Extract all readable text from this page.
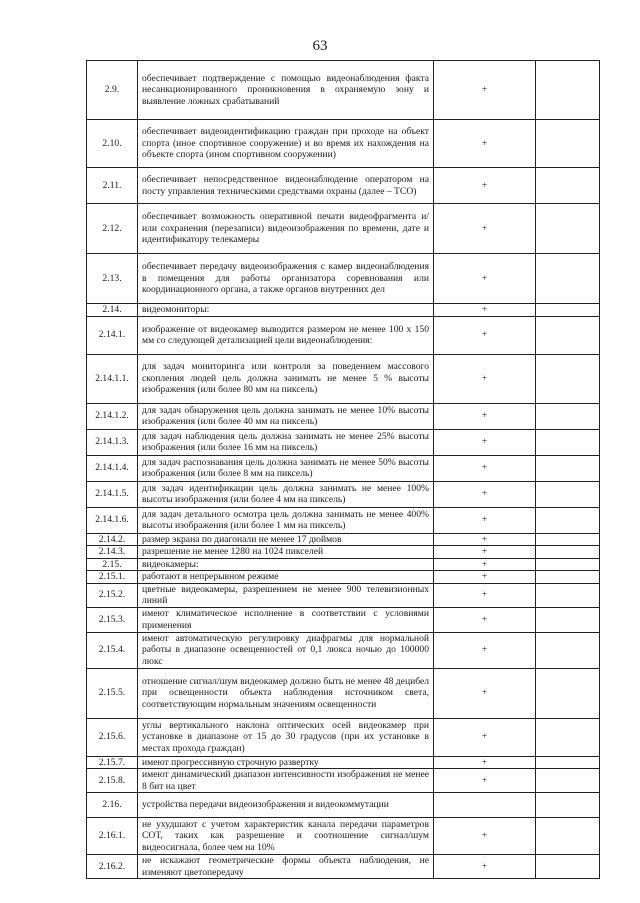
63
2.9.	обеспечивает подтверждение с помощью видеонаблюдения факта несанкционированного проникновения в охраняемую зону и выявление ложных срабатываний	+	
2.10.	обеспечивает видеоидентификацию граждан при проходе на объект спорта (иное спортивное сооружение) и во время их нахождения на объекте спорта (ином спортивном сооружении)	+	
2.11.	обеспечивает непосредственное видеонаблюдение оператором на посту управления техническими средствами охраны (далее – ТСО)	+	
2.12.	обеспечивает возможность оперативной печати видеофрагмента и/или сохранения (перезаписи) видеоизображения по времени, дате и идентификатору телекамеры	+	
2.13.	обеспечивает передачу видеоизображения с камер видеонаблюдения в помещения для работы организатора соревнования или координационного органа, а также органов внутренних дел	+	
2.14.	видеомониторы:	+	
2.14.1.	изображение от видеокамер выводится размером не менее 100 x 150 мм со следующей детализацией цели видеонаблюдения:	+	
2.14.1.1.	для задач мониторинга или контроля за поведением массового скопления людей цель должна занимать не менее 5 % высоты изображения (или более 80 мм на пиксель)	+	
2.14.1.2.	для задач обнаружения цель должна занимать не менее 10% высоты изображения (или более 40 мм на пиксель)	+	
2.14.1.3.	для задач наблюдения цель должна занимать не менее 25% высоты изображения (или более 16 мм на пиксель)	+	
2.14.1.4.	для задач распознавания цель должна занимать не менее 50% высоты изображения (или более 8 мм на пиксель)	+	
2.14.1.5.	для задач идентификации цель должна занимать не менее 100% высоты изображения (или более 4 мм на пиксель)	+	
2.14.1.6.	для задач детального осмотра цель должна занимать не менее 400% высоты изображения (или более 1 мм на пиксель)	+	
2.14.2.	размер экрана по диагонали не менее 17 дюймов	+	
2.14.3.	разрешение не менее 1280 на 1024 пикселей	+	
2.15.	видеокамеры:	+	
2.15.1.	работают в непрерывном режиме	+	
2.15.2.	цветные видеокамеры, разрешением не менее 900 телевизионных линий	+	
2.15.3.	имеют климатическое исполнение в соответствии с условиями применения	+	
2.15.4.	имеют автоматическую регулировку диафрагмы для нормальной работы в диапазоне освещенностей от 0,1 люкса ночью до 100000 люкс	+	
2.15.5.	отношение сигнал/шум видеокамер должно быть не менее 48 децибел при освещенности объекта наблюдения источником света, соответствующим нормальным значениям освещенности	+	
2.15.6.	углы вертикального наклона оптических осей видеокамер при установке в диапазоне от 15 до 30 градусов (при их установке в местах прохода граждан)	+	
2.15.7.	имеют прогрессивную строчную развертку	+	
2.15.8.	имеют динамический диапазон интенсивности изображения не менее 8 бит на цвет	+	
2.16.	устройства передачи видеоизображения и видеокоммутации		
2.16.1.	не ухудшают с учетом характеристик канала передачи параметров СОТ, таких как разрешение и соотношение сигнал/шум видеосигнала, более чем на 10%	+	
2.16.2.	не искажают геометрические формы объекта наблюдения, не изменяют цветопередачу	+	
